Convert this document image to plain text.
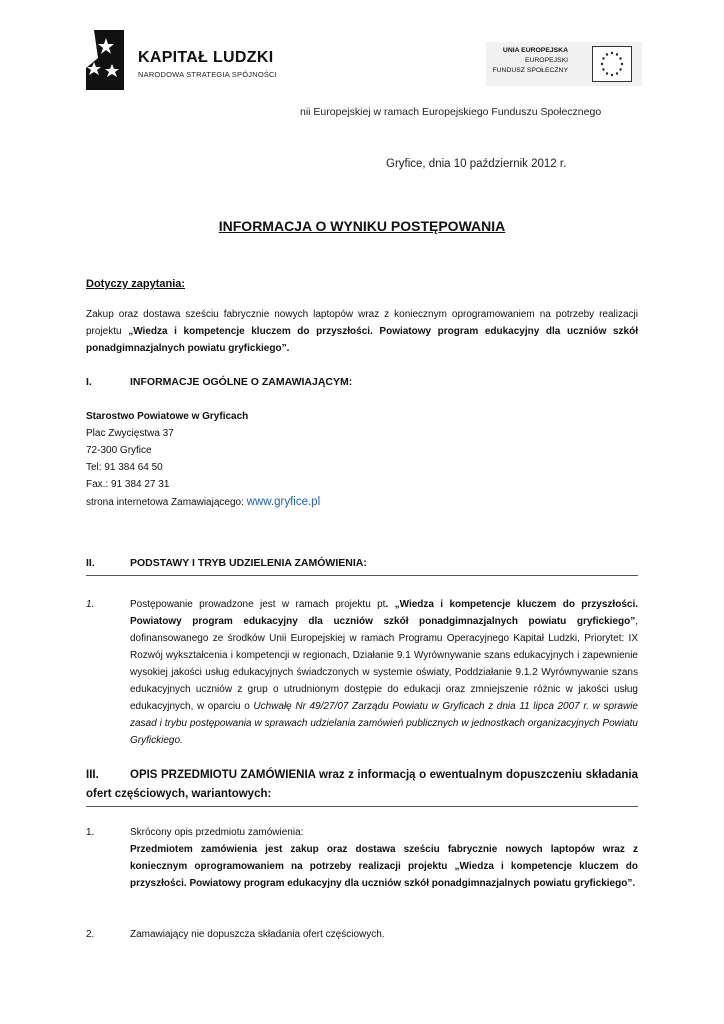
KAPITAŁ LUDZKI
NARODOWA STRATEGIA SPÓJNOŚCI
UNIA EUROPEJSKA
EUROPEJSKI
FUNDUSZ SPOŁECZNY
nii Europejskiej w ramach Europejskiego Funduszu Społecznego
Gryfice, dnia 10 październik 2012 r.
INFORMACJA O WYNIKU POSTĘPOWANIA
Dotyczy zapytania:
Zakup oraz dostawa sześciu fabrycznie nowych laptopów wraz z koniecznym oprogramowaniem na potrzeby realizacji projektu „Wiedza i kompetencje kluczem do przyszłości. Powiatowy program edukacyjny dla uczniów szkół ponadgimnazjalnych powiatu gryfickiego”.
I.	INFORMACJE OGÓLNE O ZAMAWIAJĄCYM:
Starostwo Powiatowe w Gryficach
Plac Zwycięstwa 37
72-300 Gryfice
Tel: 91 384 64 50
Fax.: 91 384 27 31
strona internetowa Zamawiającego: www.gryfice.pl
II.	PODSTAWY I TRYB UDZIELENIA ZAMÓWIENIA:
1.	Postępowanie prowadzone jest w ramach projektu pt. „Wiedza i kompetencje kluczem do przyszłości. Powiatowy program edukacyjny dla uczniów szkół ponadgimnazjalnych powiatu gryfickiego”, dofinansowanego ze środków Unii Europejskiej w ramach Programu Operacyjnego Kapitał Ludzki, Priorytet: IX Rozwój wykształcenia i kompetencji w regionach, Działanie 9.1 Wyrównywanie szans edukacyjnych i zapewnienie wysokiej jakości usług edukacyjnych świadczonych w systemie oświaty, Poddziałanie 9.1.2 Wyrównywanie szans edukacyjnych uczniów z grup o utrudnionym dostępie do edukacji oraz zmniejszenie różnic w jakości usług edukacyjnych, w oparciu o Uchwałę Nr 49/27/07 Zarządu Powiatu w Gryficach z dnia 11 lipca 2007 r. w sprawie zasad i trybu postępowania w sprawach udzielania zamówień publicznych w jednostkach organizacyjnych Powiatu Gryfickiego.
III.	OPIS PRZEDMIOTU ZAMÓWIENIA wraz z informacją o ewentualnym dopuszczeniu składania ofert częściowych, wariantowych:
1.	Skrócony opis przedmiotu zamówienia:
Przedmiotem zamówienia jest zakup oraz dostawa sześciu fabrycznie nowych laptopów wraz z koniecznym oprogramowaniem na potrzeby realizacji projektu „Wiedza i kompetencje kluczem do przyszłości. Powiatowy program edukacyjny dla uczniów szkół ponadgimnazjalnych powiatu gryfickiego”.
2.	Zamawiający nie dopuszcza składania ofert częściowych.
